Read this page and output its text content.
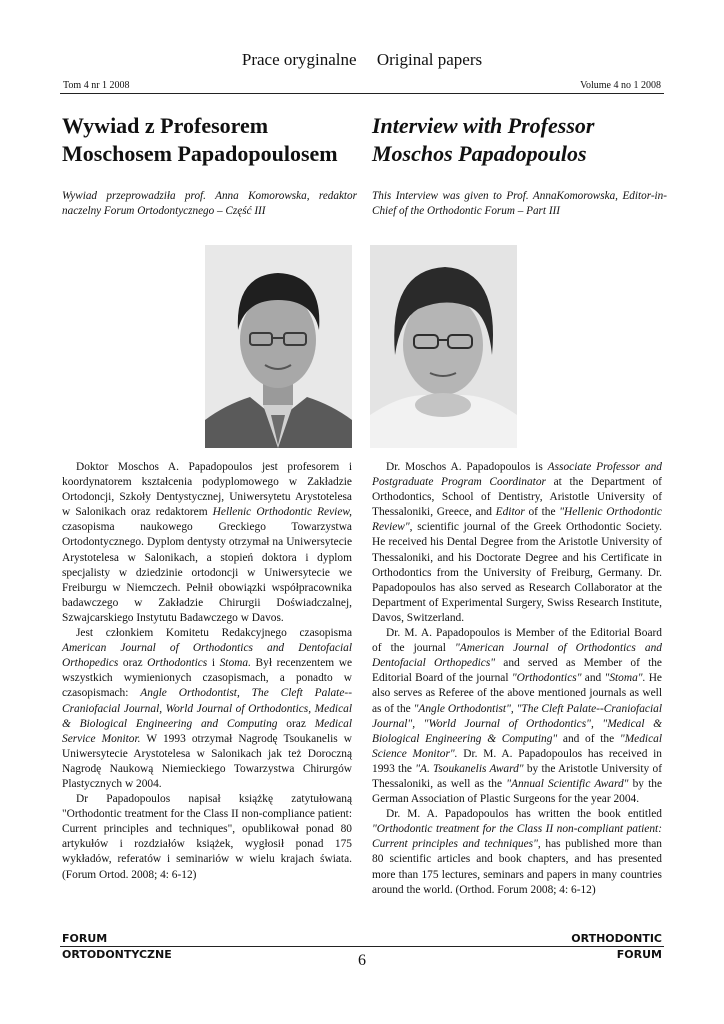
Prace oryginalne Original papers
Tom 4 nr 1 2008	Volume 4 no 1 2008
Wywiad z Profesorem
Moschosem Papadopoulosem
Interview with Professor
Moschos Papadopoulos
Wywiad przeprowadziła prof. Anna Komorowska, redaktor naczelny Forum Ortodontycznego – Część III
This Interview was given to Prof. AnnaKomorowska, Editor-in-Chief of the Orthodontic Forum – Part III

Doktor Moschos A. Papadopoulos jest profesorem i koordynatorem kształcenia podyplomowego w Zakładzie Ortodoncji, Szkoły Dentystycznej, Uniwersytetu Arystotelesa w Salonikach oraz redaktorem Hellenic Orthodontic Review, czasopisma naukowego Greckiego Towarzystwa Ortodontycznego. Dyplom dentysty otrzymał na Uniwersytecie Arystotelesa w Salonikach, a stopień doktora i dyplom specjalisty w dziedzinie ortodoncji w Uniwersytecie we Freiburgu w Niemczech. Pełnił obowiązki współpracownika badawczego w Zakładzie Chirurgii Doświadczalnej, Szwajcarskiego Instytutu Badawczego w Davos.

Jest członkiem Komitetu Redakcyjnego czasopisma American Journal of Orthodontics and Dentofacial Orthopedics oraz Orthodontics i Stoma. Był recenzentem we wszystkich wymienionych czasopismach, a ponadto w czasopismach: Angle Orthodontist, The Cleft Palate--Craniofacial Journal, World Journal of Orthodontics, Medical & Biological Engineering and Computing oraz Medical Service Monitor. W 1993 otrzymał Nagrodę Tsoukanelis w Uniwersytecie Arystotelesa w Salonikach jak też Doroczną Nagrodę Naukową Niemieckiego Towarzystwa Chirurgów Plastycznych w 2004.

Dr Papadopoulos napisał książkę zatytułowaną "Orthodontic treatment for the Class II non-compliance patient: Current principles and techniques", opublikował ponad 80 artykułów i rozdziałów książek, wygłosił ponad 175 wykładów, referatów i seminariów w wielu krajach świata. (Forum Ortod. 2008; 4: 6-12)

Dr. Moschos A. Papadopoulos is Associate Professor and Postgraduate Program Coordinator at the Department of Orthodontics, School of Dentistry, Aristotle University of Thessaloniki, Greece, and Editor of the "Hellenic Orthodontic Review", scientific journal of the Greek Orthodontic Society. He received his Dental Degree from the Aristotle University of Thessaloniki, and his Doctorate Degree and his Certificate in Orthodontics from the University of Freiburg, Germany. Dr. Papadopoulos has also served as Research Collaborator at the Department of Experimental Surgery, Swiss Research Institute, Davos, Switzerland.

Dr. M. A. Papadopoulos is Member of the Editorial Board of the journal "American Journal of Orthodontics and Dentofacial Orthopedics" and served as Member of the Editorial Board of the journal "Orthodontics" and "Stoma". He also serves as Referee of the above mentioned journals as well as of the "Angle Orthodontist", "The Cleft Palate--Craniofacial Journal", "World Journal of Orthodontics", "Medical & Biological Engineering & Computing" and of the "Medical Science Monitor". Dr. M. A. Papadopoulos has received in 1993 the "A. Tsoukanelis Award" by the Aristotle University of Thessaloniki, as well as the "Annual Scientific Award" by the German Association of Plastic Surgeons for the year 2004.

Dr. M. A. Papadopoulos has written the book entitled "Orthodontic treatment for the Class II non-compliant patient: Current principles and techniques", has published more than 80 scientific articles and book chapters, and has presented more than 175 lectures, seminars and papers in many countries around the world. (Orthod. Forum 2008; 4: 6-12)

FORUM
ORTODONTYCZNE
ORTHODONTIC
FORUM
6
